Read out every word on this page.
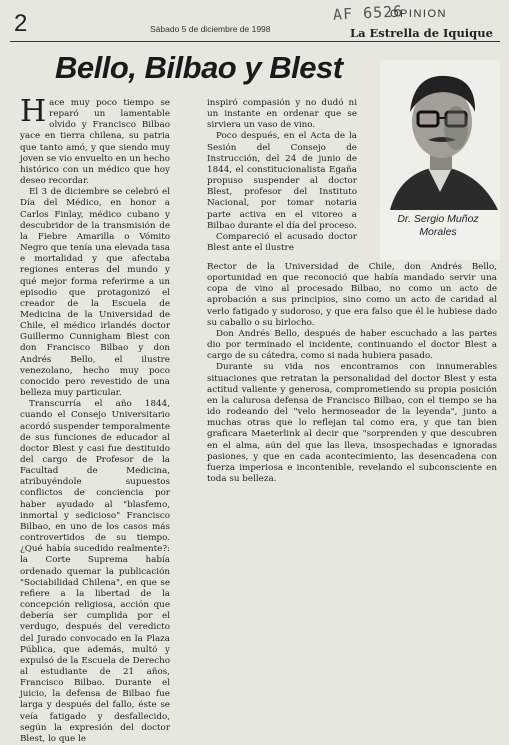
2	Sábado 5 de diciembre de 1998
AF 6526
OPINION
La Estrella de Iquique
Bello, Bilbao y Blest

Hace muy poco tiempo se reparó un lamentable olvido y Francisco Bilbao yace en tierra chilena, su patria que tanto amó, y que siendo muy joven se vio envuelto en un hecho histórico con un médico que hoy deseo recordar.

El 3 de diciembre se celebró el Día del Médico, en honor a Carlos Finlay, médico cubano y descubridor de la transmisión de la Fiebre Amarilla o Vómito Negro que tenía una elevada tasa e mortalidad y que afectaba regiones enteras del mundo y qué mejor forma referirme a un episodio que protagonizó el creador de la Escuela de Medicina de la Universidad de Chile, el médico irlandés doctor Guillermo Cunnigham Blest con don Francisco Bilbao y don Andrés Bello, el ilustre venezolano, hecho muy poco conocido pero revestido de una belleza muy particular.

Transcurría el año 1844, cuando el Consejo Universitario acordó suspender temporalmente de sus funciones de educador al doctor Blest y casi fue destituido del cargo de Profesor de la Facultad de Medicina, atribuyéndole supuestos conflictos de conciencia por haber ayudado al "blasfemo, inmortal y sedicioso" Francisco Bilbao, en uno de los casos más controvertidos de su tiempo. ¿Qué había sucedido realmente?: la Corte Suprema había ordenado quemar la publicación "Sociabilidad Chilena", en que se refiere a la libertad de la concepción religiosa, acción que debería ser cumplida por el verdugo, después del veredicto del Jurado convocado en la Plaza Pública, que además, multó y expulsó de la Escuela de Derecho al estudiante de 21 años, Francisco Bilbao. Durante el juicio, la defensa de Bilbao fue larga y después del fallo, éste se veía fatigado y desfallecido, según la expresión del doctor Blest, lo que le

inspiró compasión y no dudó ni un instante en ordenar que se sirviera un vaso de vino.

Poco después, en el Acta de la Sesión del Consejo de Instrucción, del 24 de junio de 1844, el constitucionalista Egaña propuso suspender al doctor Blest, profesor del Instituto Nacional, por tomar notaria parte activa en el vitoreo a Bilbao durante el día del proceso.

Compareció el acusado doctor Blest ante el ilustre

Rector de la Universidad de Chile, don Andrés Bello, oportunidad en que reconoció que había mandado servir una copa de vino al procesado Bilbao, no como un acto de aprobación a sus principios, sino como un acto de caridad al verlo fatigado y sudoroso, y que era falso que él le hubiese dado su caballo o su birlocho.

Don Andrés Bello, después de haber escuchado a las partes dio por terminado el incidente, continuando el doctor Blest a cargo de su cátedra, como si nada hubiera pasado.

Durante su vida nos encontramos con innumerables situaciones que retratan la personalidad del doctor Blest y esta actitud valiente y generosa, comprometiendo su propia posición en la calurosa defensa de Francisco Bilbao, con el tiempo se ha ido rodeando del "velo hermoseador de la leyenda", junto a muchas otras que lo reflejan tal como era, y que tan bien graficara Maeterlink al decir que "sorprenden y que descubren en el alma, aún del que las lleva, insospechadas e ignoradas pasiones, y que en cada acontecimiento, las desencadena con fuerza imperiosa e incontenible, revelando el subconsciente en toda su belleza.

Dr. Sergio Muñoz
Morales
